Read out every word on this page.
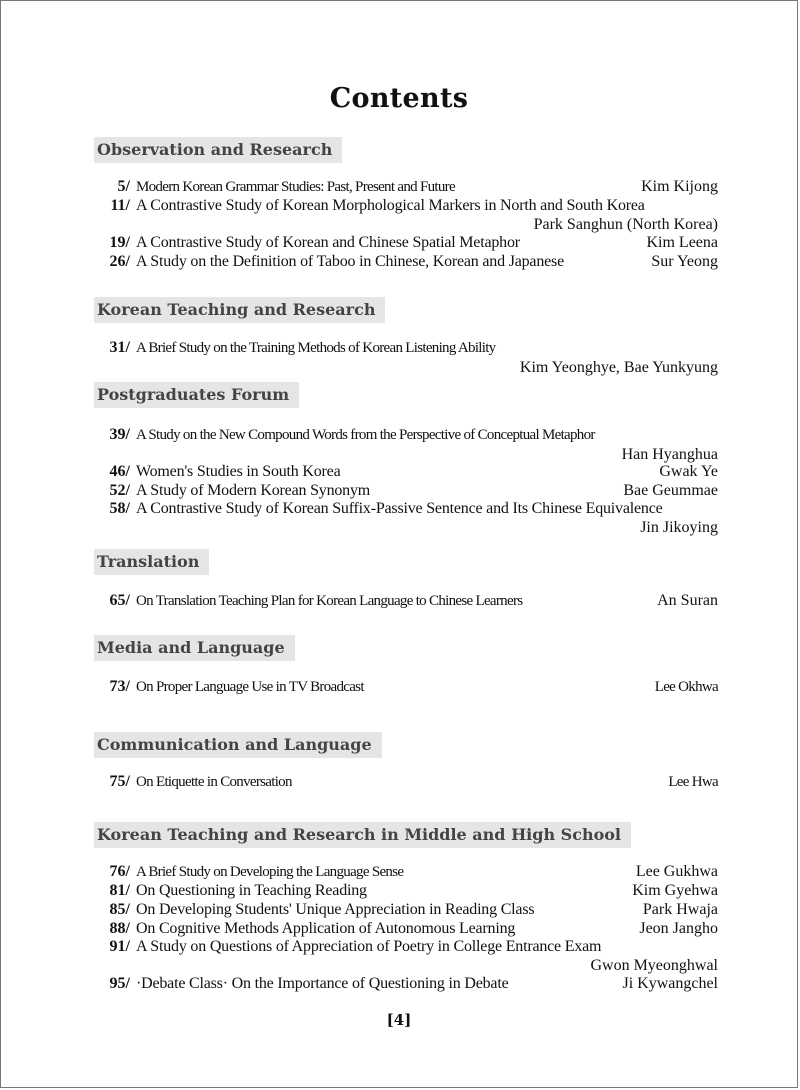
Contents
Observation and Research
5/ Modern Korean Grammar Studies: Past, Present and Future	Kim Kijong
11/ A Contrastive Study of Korean Morphological Markers in North and South Korea
Park Sanghun (North Korea)
19/ A Contrastive Study of Korean and Chinese Spatial Metaphor	Kim Leena
26/ A Study on the Definition of Taboo in Chinese, Korean and Japanese	Sur Yeong
Korean Teaching and Research
31/ A Brief Study on the Training Methods of Korean Listening Ability
Kim Yeonghye, Bae Yunkyung
Postgraduates Forum
39/ A Study on the New Compound Words from the Perspective of Conceptual Metaphor
Han Hyanghua
46/ Women's Studies in South Korea	Gwak Ye
52/ A Study of Modern Korean Synonym	Bae Geummae
58/ A Contrastive Study of Korean Suffix-Passive Sentence and Its Chinese Equivalence
Jin Jikoying
Translation
65/ On Translation Teaching Plan for Korean Language to Chinese Learners	An Suran
Media and Language
73/ On Proper Language Use in TV Broadcast	Lee Okhwa
Communication and Language
75/ On Etiquette in Conversation	Lee Hwa
Korean Teaching and Research in Middle and High School
76/ A Brief Study on Developing the Language Sense	Lee Gukhwa
81/ On Questioning in Teaching Reading	Kim Gyehwa
85/ On Developing Students' Unique Appreciation in Reading Class	Park Hwaja
88/ On Cognitive Methods Application of Autonomous Learning	Jeon Jangho
91/ A Study on Questions of Appreciation of Poetry in College Entrance Exam
Gwon Myeonghwal
95/ ·Debate Class· On the Importance of Questioning in Debate	Ji Kywangchel
[4]
